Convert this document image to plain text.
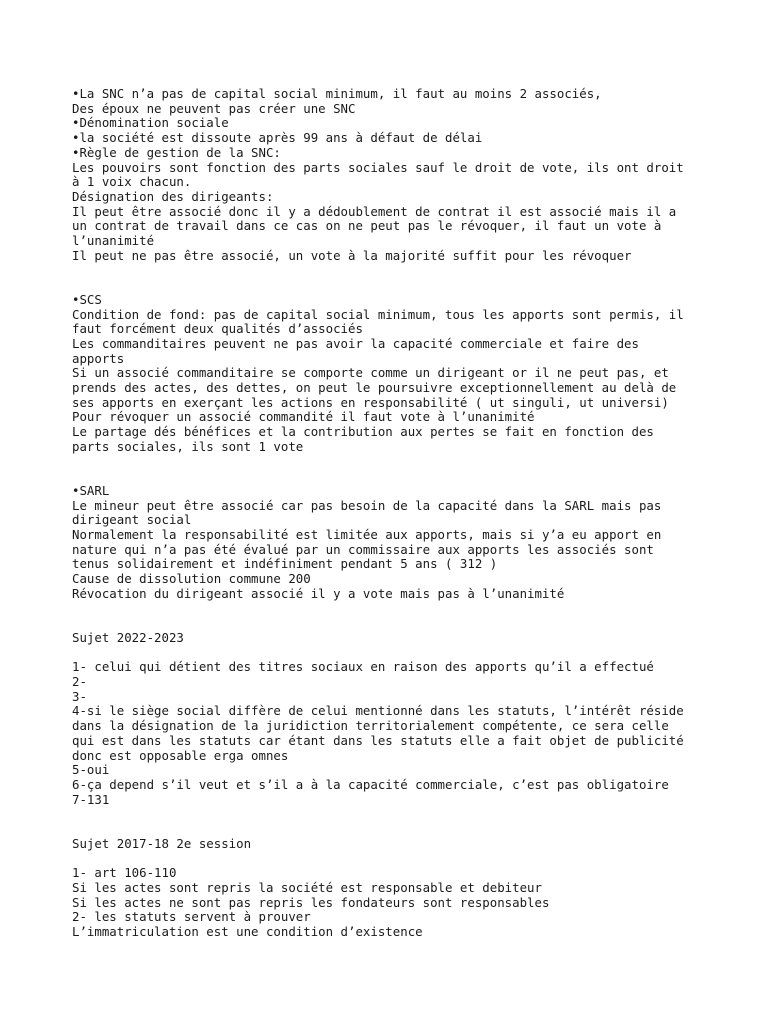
•La SNC n’a pas de capital social minimum, il faut au moins 2 associés,
Des époux ne peuvent pas créer une SNC
•Dénomination sociale
•la société est dissoute après 99 ans à défaut de délai
•Règle de gestion de la SNC:
Les pouvoirs sont fonction des parts sociales sauf le droit de vote, ils ont droit
à 1 voix chacun.
Désignation des dirigeants:
Il peut être associé donc il y a dédoublement de contrat il est associé mais il a
un contrat de travail dans ce cas on ne peut pas le révoquer, il faut un vote à
l’unanimité
Il peut ne pas être associé, un vote à la majorité suffit pour les révoquer
•SCS
Condition de fond: pas de capital social minimum, tous les apports sont permis, il
faut forcément deux qualités d’associés
Les commanditaires peuvent ne pas avoir la capacité commerciale et faire des
apports
Si un associé commanditaire se comporte comme un dirigeant or il ne peut pas, et
prends des actes, des dettes, on peut le poursuivre exceptionnellement au delà de
ses apports en exerçant les actions en responsabilité ( ut singuli, ut universi)
Pour révoquer un associé commandité il faut vote à l’unanimité
Le partage dés bénéfices et la contribution aux pertes se fait en fonction des
parts sociales, ils sont 1 vote
•SARL
Le mineur peut être associé car pas besoin de la capacité dans la SARL mais pas
dirigeant social
Normalement la responsabilité est limitée aux apports, mais si y’a eu apport en
nature qui n’a pas été évalué par un commissaire aux apports les associés sont
tenus solidairement et indéfiniment pendant 5 ans ( 312 )
Cause de dissolution commune 200
Révocation du dirigeant associé il y a vote mais pas à l’unanimité
Sujet 2022-2023
1- celui qui détient des titres sociaux en raison des apports qu’il a effectué
2-
3-
4-si le siège social diffère de celui mentionné dans les statuts, l’intérêt réside
dans la désignation de la juridiction territorialement compétente, ce sera celle
qui est dans les statuts car étant dans les statuts elle a fait objet de publicité
donc est opposable erga omnes
5-oui
6-ça depend s’il veut et s’il a à la capacité commerciale, c’est pas obligatoire
7-131
Sujet 2017-18 2e session
1- art 106-110
Si les actes sont repris la société est responsable et debiteur
Si les actes ne sont pas repris les fondateurs sont responsables
2- les statuts servent à prouver
L’immatriculation est une condition d’existence
